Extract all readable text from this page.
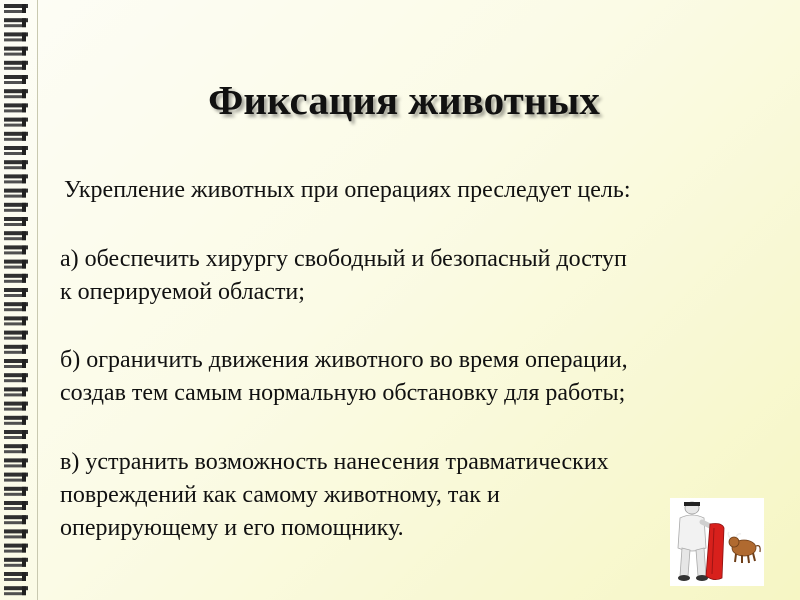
Фиксация животных
Укрепление животных при операциях преследует цель:
а) обеспечить хирургу свободный и безопасный доступ
к оперируемой области;
б) ограничить движения животного во время операции,
создав тем самым нормальную обстановку для работы;
в) устранить возможность нанесения травматических
повреждений как самому животному, так и
оперирующему и его помощнику.
